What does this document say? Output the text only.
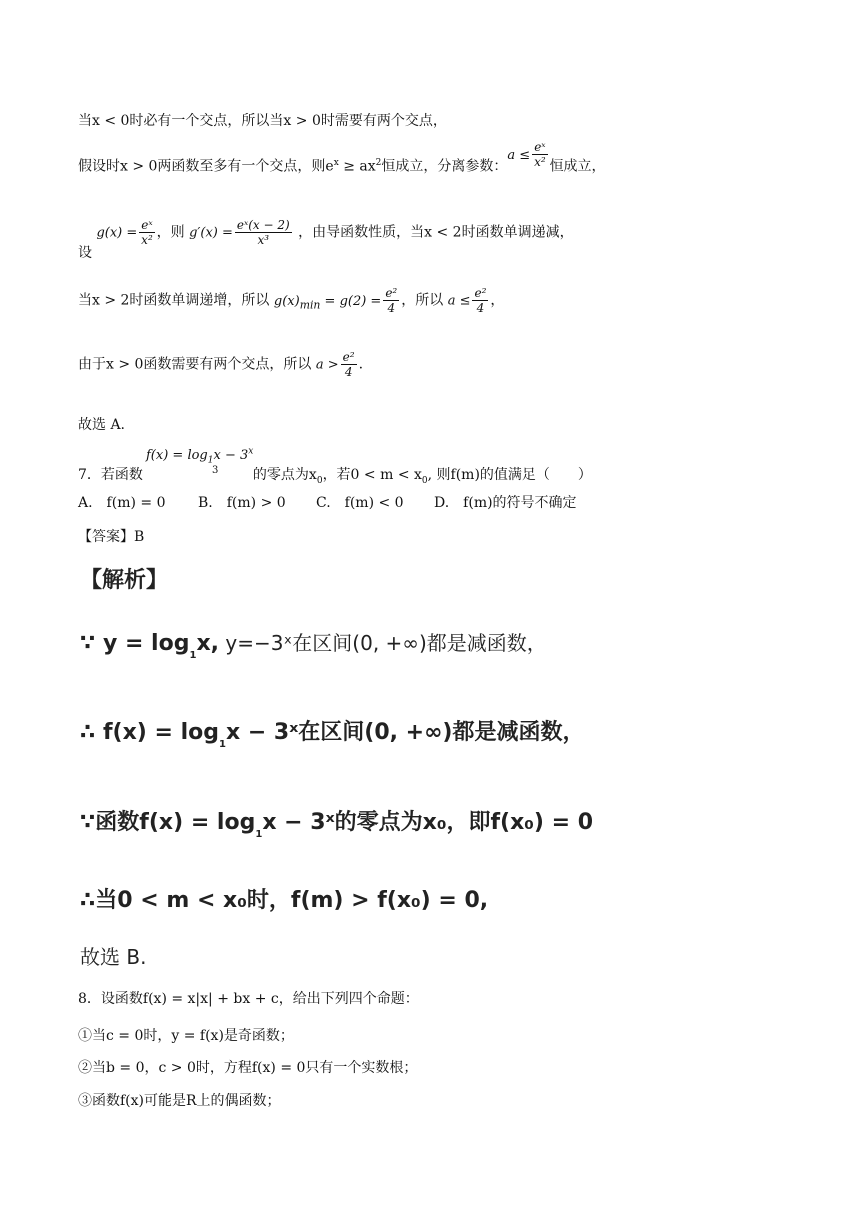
当x < 0时必有一个交点，所以当x > 0时需要有两个交点，
假设时x > 0两函数至多有一个交点，则$e^x \ge ax^2$恒成立，分离参数：$a \le \frac{\text{eˣ}}{\text{x²}}$ 恒成立，
设 $g(x) = \frac{\text{eˣ}}{\text{x²}}$ ，则 $g'(x) = \frac{\text{eˣ(x − 2)}}{\text{x³}}$ ，由导函数性质，当x < 2时函数单调递减，
当x > 2时函数单调递增，所以 $g(x)_{min} = g(2) = \frac{\text{e²}}{4}$ ，所以 $a \le \frac{\text{e²}}{4}$ ，
由于x > 0函数需要有两个交点，所以 $a > \frac{\text{e²}}{4}$ .
故选 A.
$f(x) = \log_1x - 3^x$
3
7．若函数	的零点为$x_0$，若$0 < m < x_0$, 则f(m)的值满足（　　）
A.　f(m) = 0 B.　f(m) > 0 C.　f(m) < 0 D.　f(m)的符号不确定
【答案】B
【解析】
∵ $y = \log_1x$, y=−3ˣ在区间(0, +∞)都是减函数，
∴ $f(x) = \log_1x$ − 3ˣ在区间(0, +∞)都是减函数，
∵函数$f(x) = \log_1x$ − 3ˣ的零点为x₀，即f(x₀) = 0
∴当0 < m < x₀时，f(m) > f(x₀) = 0,
故选 B.
8．设函数f(x) = x|x| + bx + c，给出下列四个命题：
①当c = 0时，y = f(x)是奇函数；
②当b = 0，c > 0时，方程f(x) = 0只有一个实数根；
③函数f(x)可能是R上的偶函数；
